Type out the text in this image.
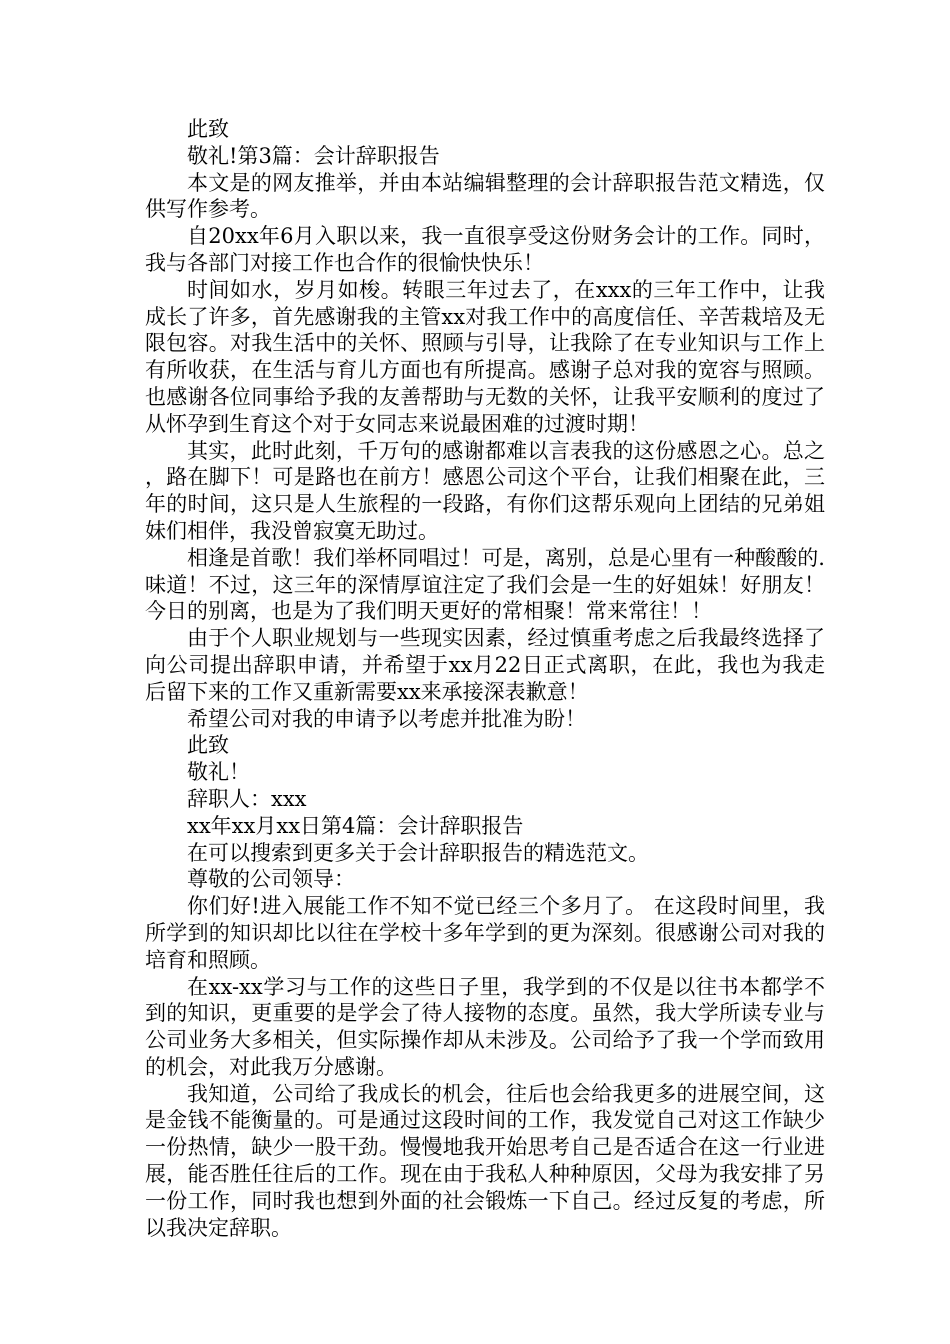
此致

敬礼!第3篇：会计辞职报告

本文是的网友推举，并由本站编辑整理的会计辞职报告范文精选，仅供写作参考。

自20xx年6月入职以来，我一直很享受这份财务会计的工作。同时，我与各部门对接工作也合作的很愉快快乐！

时间如水，岁月如梭。转眼三年过去了，在xxx的三年工作中，让我成长了许多，首先感谢我的主管xx对我工作中的高度信任、辛苦栽培及无限包容。对我生活中的关怀、照顾与引导，让我除了在专业知识与工作上有所收获，在生活与育儿方面也有所提高。感谢子总对我的宽容与照顾。也感谢各位同事给予我的友善帮助与无数的关怀，让我平安顺利的度过了从怀孕到生育这个对于女同志来说最困难的过渡时期！

其实，此时此刻，千万句的感谢都难以言表我的这份感恩之心。总之，路在脚下！可是路也在前方！感恩公司这个平台，让我们相聚在此，三年的时间，这只是人生旅程的一段路，有你们这帮乐观向上团结的兄弟姐妹们相伴，我没曾寂寞无助过。

相逢是首歌！我们举杯同唱过！可是，离别，总是心里有一种酸酸的.味道！不过，这三年的深情厚谊注定了我们会是一生的好姐妹！好朋友！今日的别离，也是为了我们明天更好的常相聚！常来常往！！

由于个人职业规划与一些现实因素，经过慎重考虑之后我最终选择了向公司提出辞职申请，并希望于xx月22日正式离职，在此，我也为我走后留下来的工作又重新需要xx来承接深表歉意！

希望公司对我的申请予以考虑并批准为盼！

此致

敬礼！

辞职人：xxx

xx年xx月xx日第4篇：会计辞职报告

在可以搜索到更多关于会计辞职报告的精选范文。

尊敬的公司领导：

你们好!进入展能工作不知不觉已经三个多月了。 在这段时间里，我所学到的知识却比以往在学校十多年学到的更为深刻。很感谢公司对我的培育和照顾。

在xx-xx学习与工作的这些日子里，我学到的不仅是以往书本都学不到的知识，更重要的是学会了待人接物的态度。虽然，我大学所读专业与公司业务大多相关，但实际操作却从未涉及。公司给予了我一个学而致用的机会，对此我万分感谢。

我知道，公司给了我成长的机会，往后也会给我更多的进展空间，这是金钱不能衡量的。可是通过这段时间的工作，我发觉自己对这工作缺少一份热情，缺少一股干劲。慢慢地我开始思考自己是否适合在这一行业进展，能否胜任往后的工作。现在由于我私人种种原因，父母为我安排了另一份工作，同时我也想到外面的社会锻炼一下自己。经过反复的考虑，所以我决定辞职。
